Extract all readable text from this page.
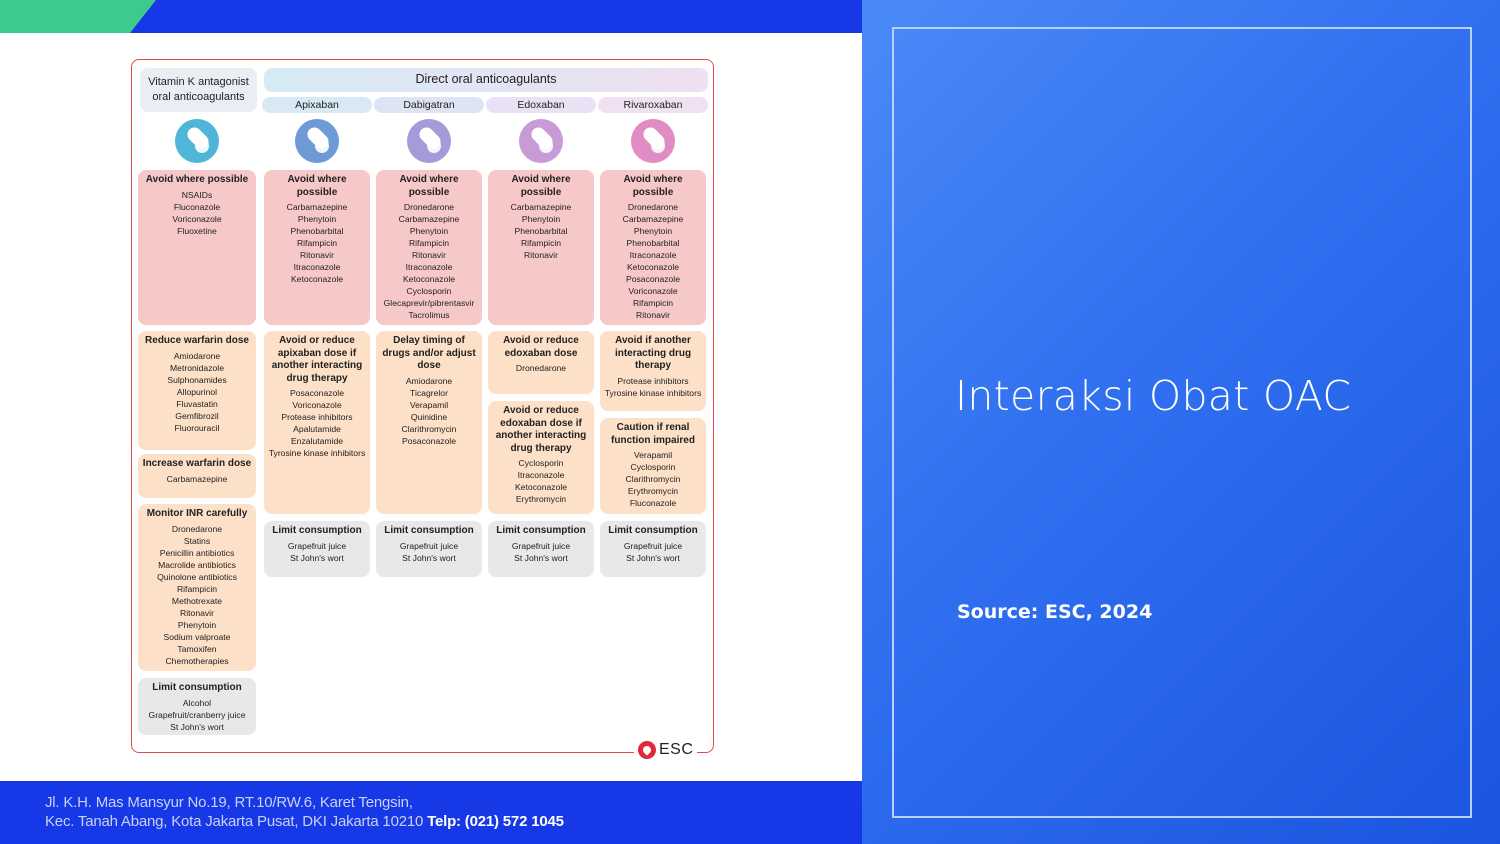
Vitamin K antagonist
oral anticoagulants
Direct oral anticoagulants
Avoid where possible
NSAIDs
Fluconazole
Voriconazole
Fluoxetine
Reduce warfarin dose
Amiodarone
Metronidazole
Sulphonamides
Allopurinol
Fluvastatin
Gemfibrozil
Fluorouracil
Increase warfarin dose
Carbamazepine
Monitor INR carefully
Dronedarone
Statins
Penicillin antibiotics
Macrolide antibiotics
Quinolone antibiotics
Rifampicin
Methotrexate
Ritonavir
Phenytoin
Sodium valproate
Tamoxifen
Chemotherapies
Limit consumption
Alcohol
Grapefruit/cranberry juice
St John's wort
Apixaban
Avoid where possible
Carbamazepine
Phenytoin
Phenobarbital
Rifampicin
Ritonavir
Itraconazole
Ketoconazole
Avoid or reduce apixaban dose if another interacting drug therapy
Posaconazole
Voriconazole
Protease inhibitors
Apalutamide
Enzalutamide
Tyrosine kinase inhibitors
Limit consumption
Grapefruit juice
St John's wort
Dabigatran
Avoid where possible
Dronedarone
Carbamazepine
Phenytoin
Rifampicin
Ritonavir
Itraconazole
Ketoconazole
Cyclosporin
Glecaprevir/pibrentasvir
Tacrolimus
Delay timing of drugs and/or adjust dose
Amiodarone
Ticagrelor
Verapamil
Quinidine
Clarithromycin
Posaconazole
Limit consumption
Grapefruit juice
St John's wort
Edoxaban
Avoid where possible
Carbamazepine
Phenytoin
Phenobarbital
Rifampicin
Ritonavir
Avoid or reduce edoxaban dose
Dronedarone
Avoid or reduce edoxaban dose if another interacting drug therapy
Cyclosporin
Itraconazole
Ketoconazole
Erythromycin
Limit consumption
Grapefruit juice
St John's wort
Rivaroxaban
Avoid where possible
Dronedarone
Carbamazepine
Phenytoin
Phenobarbital
Itraconazole
Ketoconazole
Posaconazole
Voriconazole
Rifampicin
Ritonavir
Avoid if another interacting drug therapy
Protease inhibitors
Tyrosine kinase inhibitors
Caution if renal function impaired
Verapamil
Cyclosporin
Clarithromycin
Erythromycin
Fluconazole
Limit consumption
Grapefruit juice
St John's wort
ESC
Jl. K.H. Mas Mansyur No.19, RT.10/RW.6, Karet Tengsin,
Kec. Tanah Abang, Kota Jakarta Pusat, DKI Jakarta 10210 Telp: (021) 572 1045
Interaksi Obat OAC
Source: ESC, 2024
